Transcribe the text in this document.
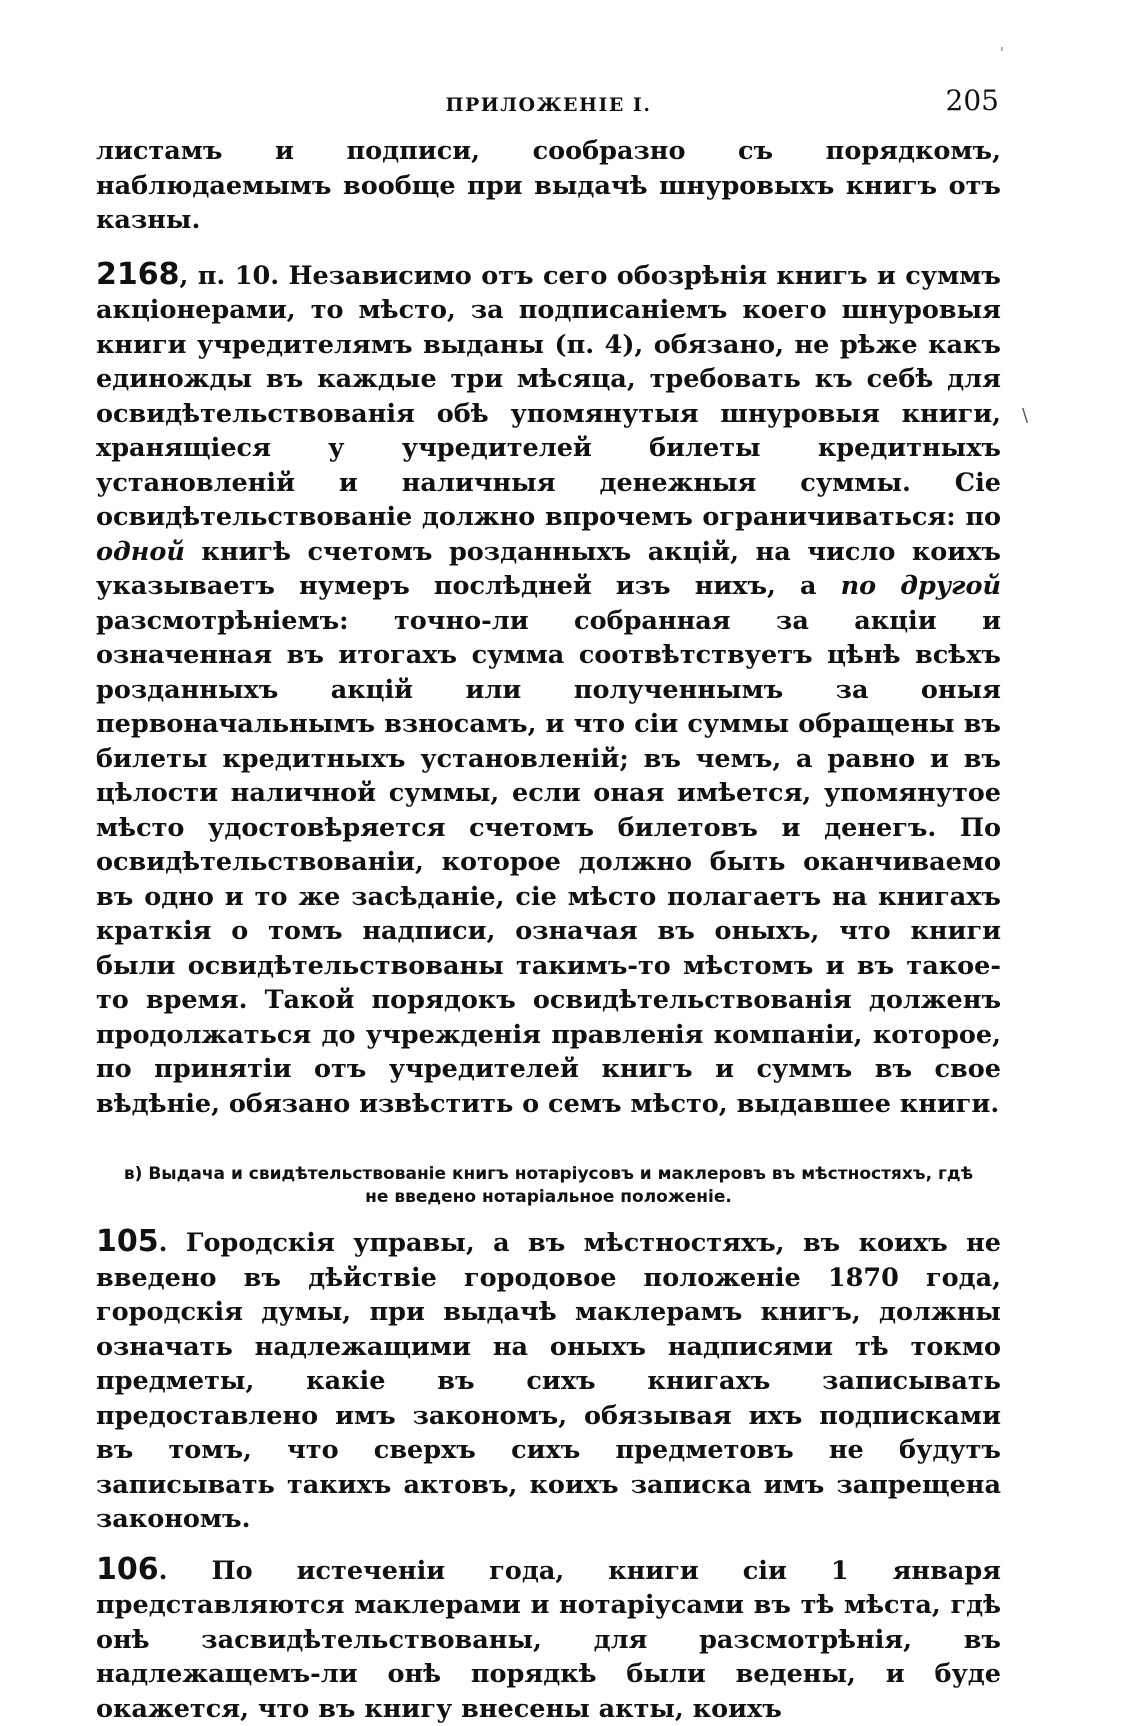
ПРИЛОЖЕНІЕ I.	205

листамъ и подписи, сообразно съ порядкомъ, наблюдаемымъ вообще при выдачѣ шнуровыхъ книгъ отъ казны.

2168, п. 10. Независимо отъ сего обозрѣнія книгъ и суммъ акціонерами, то мѣсто, за подписаніемъ коего шнуровыя книги учредителямъ выданы (п. 4), обязано, не рѣже какъ единожды въ каждые три мѣсяца, требовать къ себѣ для освидѣтельствованія обѣ упомянутыя шнуровыя книги, хранящіеся у учредителей билеты кредитныхъ установленій и наличныя денежныя суммы. Сіе освидѣтельствованіе должно впрочемъ ограничиваться: по одной книгѣ счетомъ розданныхъ акцій, на число коихъ указываетъ нумеръ послѣдней изъ нихъ, а по другой разсмотрѣніемъ: точно-ли собранная за акціи и означенная въ итогахъ сумма соотвѣтствуетъ цѣнѣ всѣхъ розданныхъ акцій или полученнымъ за оныя первоначальнымъ взносамъ, и что сіи суммы обращены въ билеты кредитныхъ установленій; въ чемъ, а равно и въ цѣлости наличной суммы, если оная имѣется, упомянутое мѣсто удостовѣряется счетомъ билетовъ и денегъ. По освидѣтельствованіи, которое должно быть оканчиваемо въ одно и то же засѣданіе, сіе мѣсто полагаетъ на книгахъ краткія о томъ надписи, означая въ оныхъ, что книги были освидѣтельствованы такимъ-то мѣстомъ и въ такое-то время. Такой порядокъ освидѣтельствованія долженъ продолжаться до учрежденія правленія компаніи, которое, по принятіи отъ учредителей книгъ и суммъ въ свое вѣдѣніе, обязано извѣстить о семъ мѣсто, выдавшее книги.

в) Выдача и свидѣтельствованіе книгъ нотаріусовъ и маклеровъ въ мѣстностяхъ, гдѣ
не введено нотаріальное положеніе.

105. Городскія управы, а въ мѣстностяхъ, въ коихъ не введено въ дѣйствіе городовое положеніе 1870 года, городскія думы, при выдачѣ маклерамъ книгъ, должны означать надлежащими на оныхъ надписями тѣ токмо предметы, какіе въ сихъ книгахъ записывать предоставлено имъ закономъ, обязывая ихъ подписками въ томъ, что сверхъ сихъ предметовъ не будутъ записывать такихъ актовъ, коихъ записка имъ запрещена закономъ.

106. По истеченіи года, книги сіи 1 января представляются маклерами и нотаріусами въ тѣ мѣста, гдѣ онѣ засвидѣтельствованы, для разсмотрѣнія, въ надлежащемъ-ли онѣ порядкѣ были ведены, и буде окажется, что въ книгу внесены акты, коихъ

ˈ
\
